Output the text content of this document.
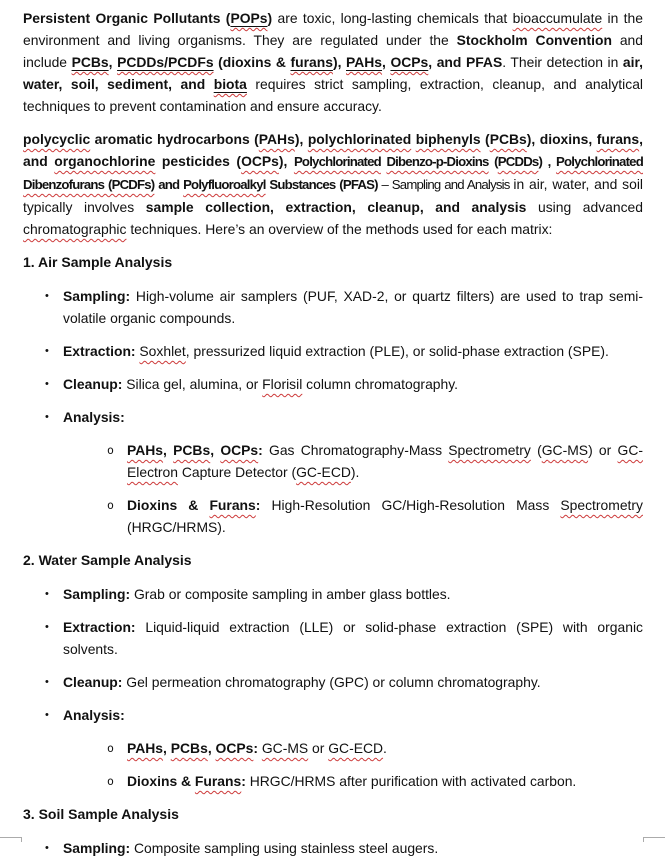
Persistent Organic Pollutants (POPs) are toxic, long-lasting chemicals that bioaccumulate in the environment and living organisms. They are regulated under the Stockholm Convention and include PCBs, PCDDs/PCDFs (dioxins & furans), PAHs, OCPs, and PFAS. Their detection in air, water, soil, sediment, and biota requires strict sampling, extraction, cleanup, and analytical techniques to prevent contamination and ensure accuracy.

polycyclic aromatic hydrocarbons (PAHs), polychlorinated biphenyls (PCBs), dioxins, furans, and organochlorine pesticides (OCPs), Polychlorinated Dibenzo-p-Dioxins (PCDDs) , Polychlorinated Dibenzofurans (PCDFs) and Polyfluoroalkyl Substances (PFAS) – Sampling and Analysis in air, water, and soil typically involves sample collection, extraction, cleanup, and analysis using advanced chromatographic techniques. Here’s an overview of the methods used for each matrix:

1. Air Sample Analysis

•	Sampling: High-volume air samplers (PUF, XAD-2, or quartz filters) are used to trap semi-volatile organic compounds.
•	Extraction: Soxhlet, pressurized liquid extraction (PLE), or solid-phase extraction (SPE).
•	Cleanup: Silica gel, alumina, or Florisil column chromatography.
•	Analysis:
o PAHs, PCBs, OCPs: Gas Chromatography-Mass Spectrometry (GC-MS) or GC-Electron Capture Detector (GC-ECD).
o Dioxins & Furans: High-Resolution GC/High-Resolution Mass Spectrometry (HRGC/HRMS).

2. Water Sample Analysis

•	Sampling: Grab or composite sampling in amber glass bottles.
•	Extraction: Liquid-liquid extraction (LLE) or solid-phase extraction (SPE) with organic solvents.
•	Cleanup: Gel permeation chromatography (GPC) or column chromatography.
•	Analysis:
o PAHs, PCBs, OCPs: GC-MS or GC-ECD.
o Dioxins & Furans: HRGC/HRMS after purification with activated carbon.

3. Soil Sample Analysis

•	Sampling: Composite sampling using stainless steel augers.
